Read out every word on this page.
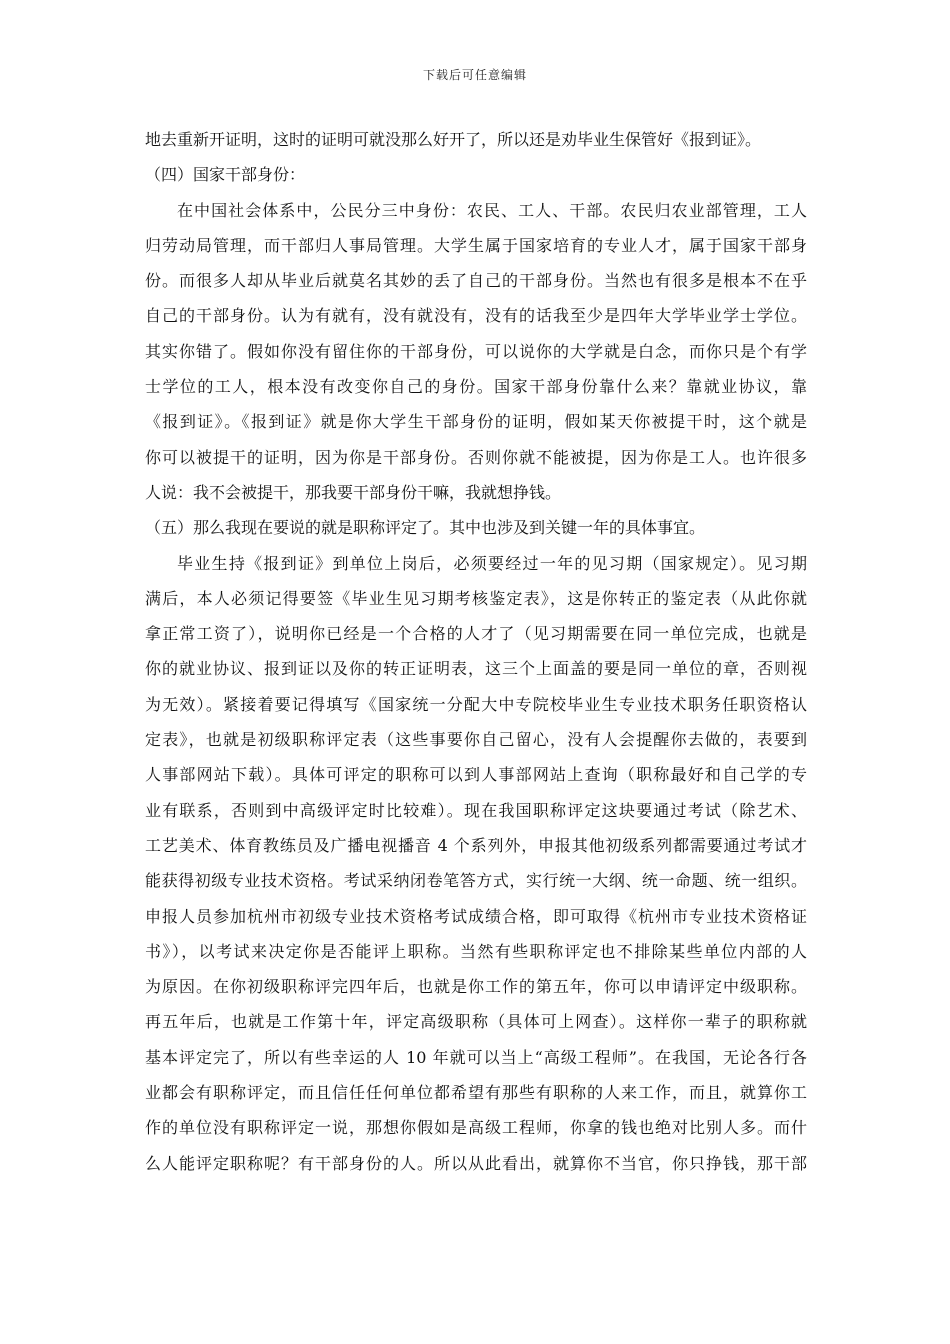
下载后可任意编辑
地去重新开证明，这时的证明可就没那么好开了，所以还是劝毕业生保管好《报到证》。
（四）国家干部身份：
在中国社会体系中，公民分三中身份：农民、工人、干部。农民归农业部管理，工人
归劳动局管理，而干部归人事局管理。大学生属于国家培育的专业人才，属于国家干部身
份。而很多人却从毕业后就莫名其妙的丢了自己的干部身份。当然也有很多是根本不在乎
自己的干部身份。认为有就有，没有就没有，没有的话我至少是四年大学毕业学士学位。
其实你错了。假如你没有留住你的干部身份，可以说你的大学就是白念，而你只是个有学
士学位的工人，根本没有改变你自己的身份。国家干部身份靠什么来？靠就业协议，靠
《报到证》。《报到证》就是你大学生干部身份的证明，假如某天你被提干时，这个就是
你可以被提干的证明，因为你是干部身份。否则你就不能被提，因为你是工人。也许很多
人说：我不会被提干，那我要干部身份干嘛，我就想挣钱。
（五）那么我现在要说的就是职称评定了。其中也涉及到关键一年的具体事宜。
毕业生持《报到证》到单位上岗后，必须要经过一年的见习期（国家规定）。见习期
满后，本人必须记得要签《毕业生见习期考核鉴定表》，这是你转正的鉴定表（从此你就
拿正常工资了），说明你已经是一个合格的人才了（见习期需要在同一单位完成，也就是
你的就业协议、报到证以及你的转正证明表，这三个上面盖的要是同一单位的章，否则视
为无效）。紧接着要记得填写《国家统一分配大中专院校毕业生专业技术职务任职资格认
定表》，也就是初级职称评定表（这些事要你自己留心，没有人会提醒你去做的，表要到
人事部网站下载）。具体可评定的职称可以到人事部网站上查询（职称最好和自己学的专
业有联系，否则到中高级评定时比较难）。现在我国职称评定这块要通过考试（除艺术、
工艺美术、体育教练员及广播电视播音 4 个系列外，申报其他初级系列都需要通过考试才
能获得初级专业技术资格。考试采纳闭卷笔答方式，实行统一大纲、统一命题、统一组织。
申报人员参加杭州市初级专业技术资格考试成绩合格，即可取得《杭州市专业技术资格证
书》），以考试来决定你是否能评上职称。当然有些职称评定也不排除某些单位内部的人
为原因。在你初级职称评完四年后，也就是你工作的第五年，你可以申请评定中级职称。
再五年后，也就是工作第十年，评定高级职称（具体可上网查）。这样你一辈子的职称就
基本评定完了，所以有些幸运的人 10 年就可以当上“高级工程师”。在我国，无论各行各
业都会有职称评定，而且信任任何单位都希望有那些有职称的人来工作，而且，就算你工
作的单位没有职称评定一说，那想你假如是高级工程师，你拿的钱也绝对比别人多。而什
么人能评定职称呢？有干部身份的人。所以从此看出，就算你不当官，你只挣钱，那干部
